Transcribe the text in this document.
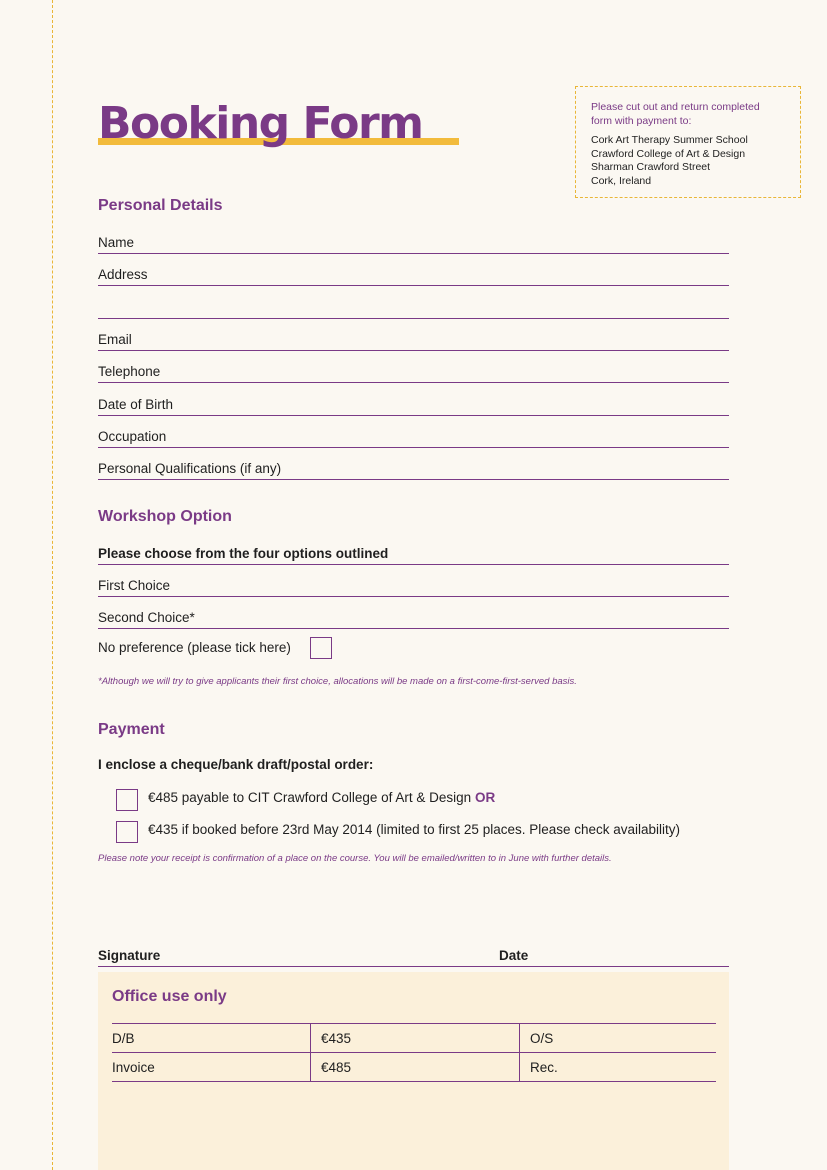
Booking Form	Please cut out and return completed
form with payment to:
Cork Art Therapy Summer School
Crawford College of Art & Design
Sharman Crawford Street
Cork, Ireland
Personal Details
Name
Address
Email
Telephone
Date of Birth
Occupation
Personal Qualifications (if any)
Workshop Option
Please choose from the four options outlined
First Choice
Second Choice*
No preference (please tick here)
*Although we will try to give applicants their first choice, allocations will be made on a first-come-first-served basis.
Payment
I enclose a cheque/bank draft/postal order:
€485 payable to CIT Crawford College of Art & Design OR
€435 if booked before 23rd May 2014 (limited to first 25 places. Please check availability)
Please note your receipt is confirmation of a place on the course. You will be emailed/written to in June with further details.
Signature	Date
Office use only
D/B	€435	O/S
Invoice	€485	Rec.
